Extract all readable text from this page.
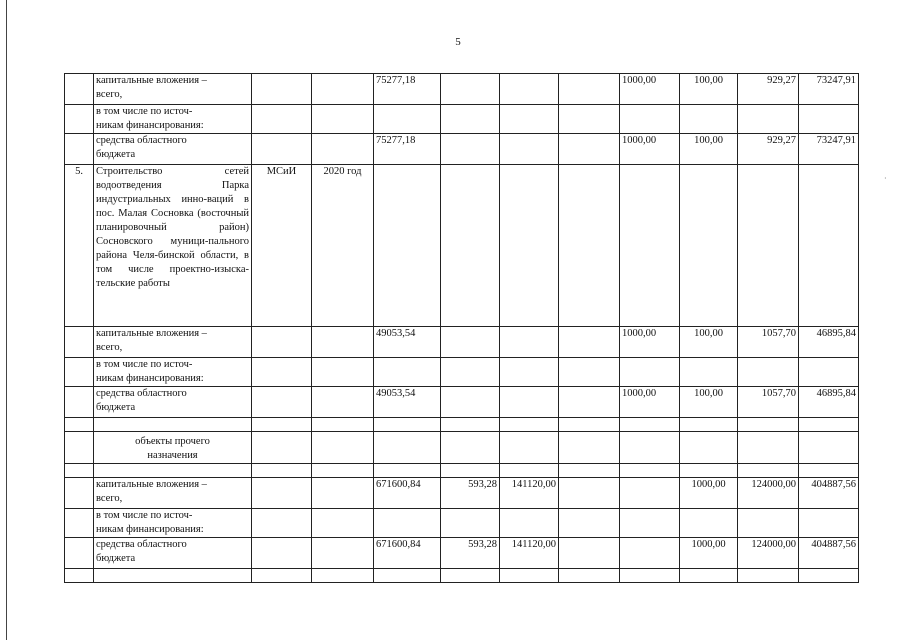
·
5
	капитальные вложения –
всего,			75277,18				1000,00	100,00	929,27	73247,91
	в том числе по источ-
никам финансирования:										
	средства областного
бюджета			75277,18				1000,00	100,00	929,27	73247,91
5.	Строительство сетей водоотведения Парка индустриальных инно-ваций в пос. Малая Сосновка (восточный планировочный район) Сосновского муници-пального района Челя-бинской области, в том числе проектно-изыска-тельские работы	МСиИ	2020 год								
	капитальные вложения –
всего,			49053,54				1000,00	100,00	1057,70	46895,84
	в том числе по источ-
никам финансирования:										
	средства областного
бюджета			49053,54				1000,00	100,00	1057,70	46895,84

	объекты прочего
назначения										

	капитальные вложения –
всего,			671600,84	593,28	141120,00			1000,00	124000,00	404887,56
	в том числе по источ-
никам финансирования:										
	средства областного
бюджета			671600,84	593,28	141120,00			1000,00	124000,00	404887,56
